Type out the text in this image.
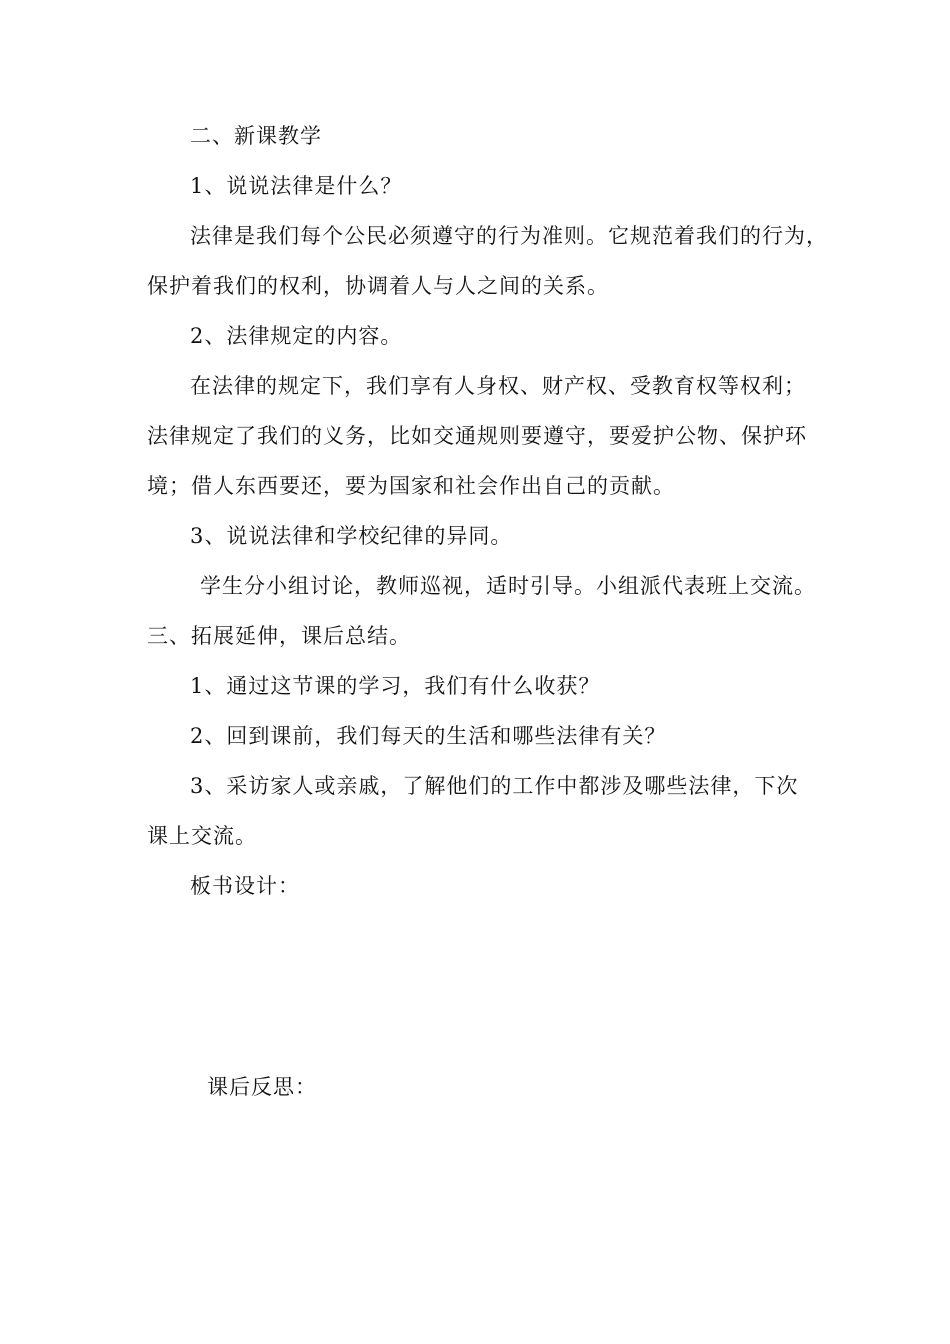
二、新课教学
1、说说法律是什么？
法律是我们每个公民必须遵守的行为准则。它规范着我们的行为，
保护着我们的权利，协调着人与人之间的关系。
2、法律规定的内容。
在法律的规定下，我们享有人身权、财产权、受教育权等权利；
法律规定了我们的义务，比如交通规则要遵守，要爱护公物、保护环
境；借人东西要还，要为国家和社会作出自己的贡献。
3、说说法律和学校纪律的异同。
学生分小组讨论，教师巡视，适时引导。小组派代表班上交流。
三、拓展延伸，课后总结。
1、通过这节课的学习，我们有什么收获？
2、回到课前，我们每天的生活和哪些法律有关？
3、采访家人或亲戚，了解他们的工作中都涉及哪些法律，下次
课上交流。
板书设计：
课后反思：
